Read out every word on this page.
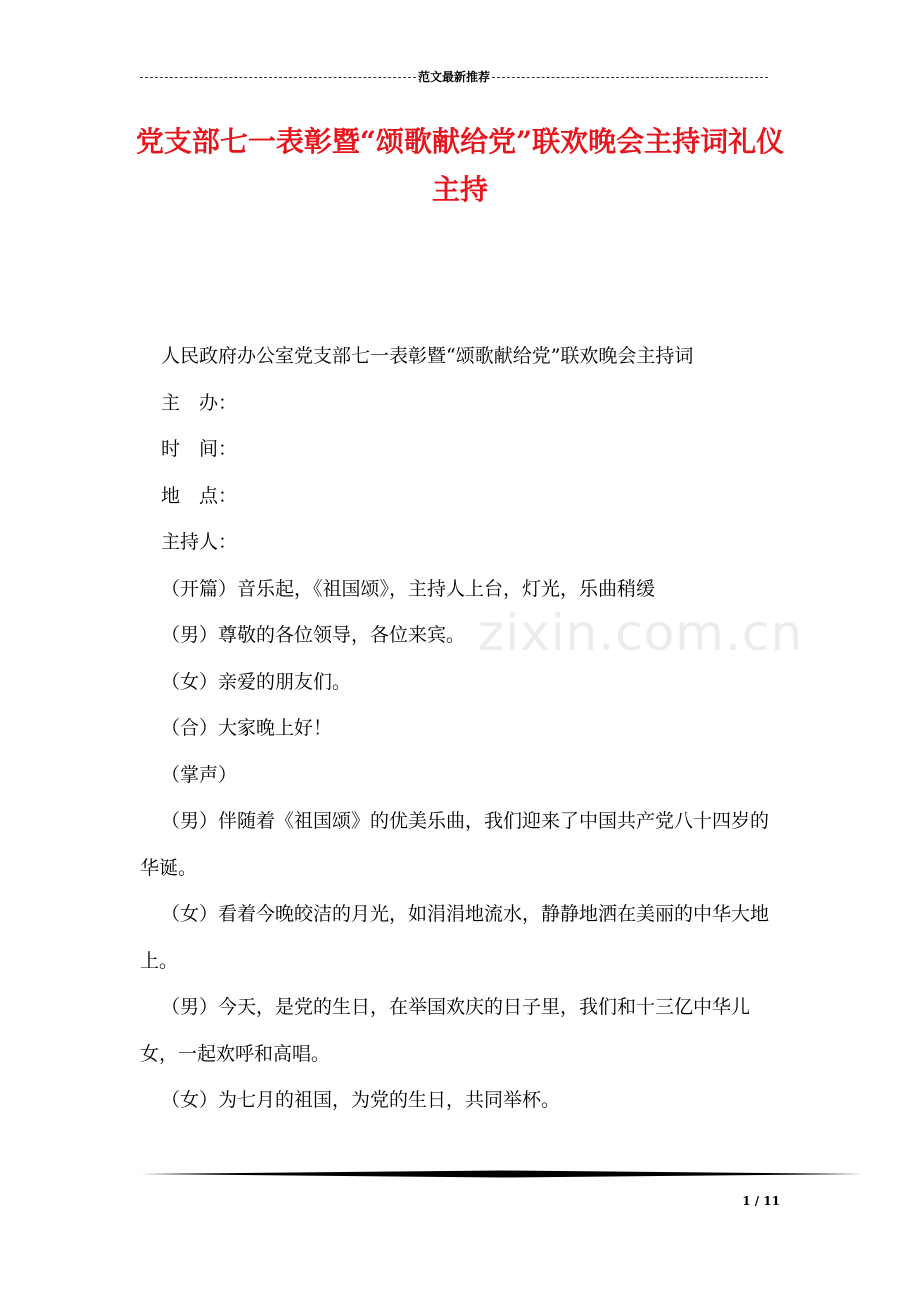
范文最新推荐
党支部七一表彰暨“颂歌献给党”联欢晚会主持词礼仪主持
zixin.com.cn

人民政府办公室党支部七一表彰暨“颂歌献给党”联欢晚会主持词

主　办：

时　间：

地　点：

主持人：

（开篇）音乐起，《祖国颂》，主持人上台，灯光，乐曲稍缓

（男）尊敬的各位领导，各位来宾。

（女）亲爱的朋友们。

（合）大家晚上好！

（掌声）

（男）伴随着《祖国颂》的优美乐曲，我们迎来了中国共产党八十四岁的华诞。

（女）看着今晚皎洁的月光，如涓涓地流水，静静地洒在美丽的中华大地上。

（男）今天，是党的生日，在举国欢庆的日子里，我们和十三亿中华儿女，一起欢呼和高唱。

（女）为七月的祖国，为党的生日，共同举杯。

1 / 11
